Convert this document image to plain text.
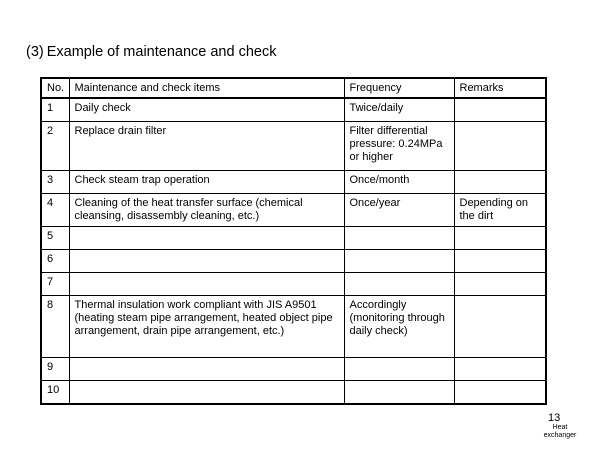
(3) Example of maintenance and check
No.	Maintenance and check items	Frequency	Remarks
1	Daily check	Twice/daily	
2	Replace drain filter	Filter differential pressure: 0.24MPa or higher	
3	Check steam trap operation	Once/month	
4	Cleaning of the heat transfer surface (chemical cleansing, disassembly cleaning, etc.)	Once/year	Depending on the dirt
5			
6			
7			
8	Thermal insulation work compliant with JIS A9501 (heating steam pipe arrangement, heated object pipe arrangement, drain pipe arrangement, etc.)	Accordingly (monitoring through daily check)	
9			
10			
13
Heat exchanger
